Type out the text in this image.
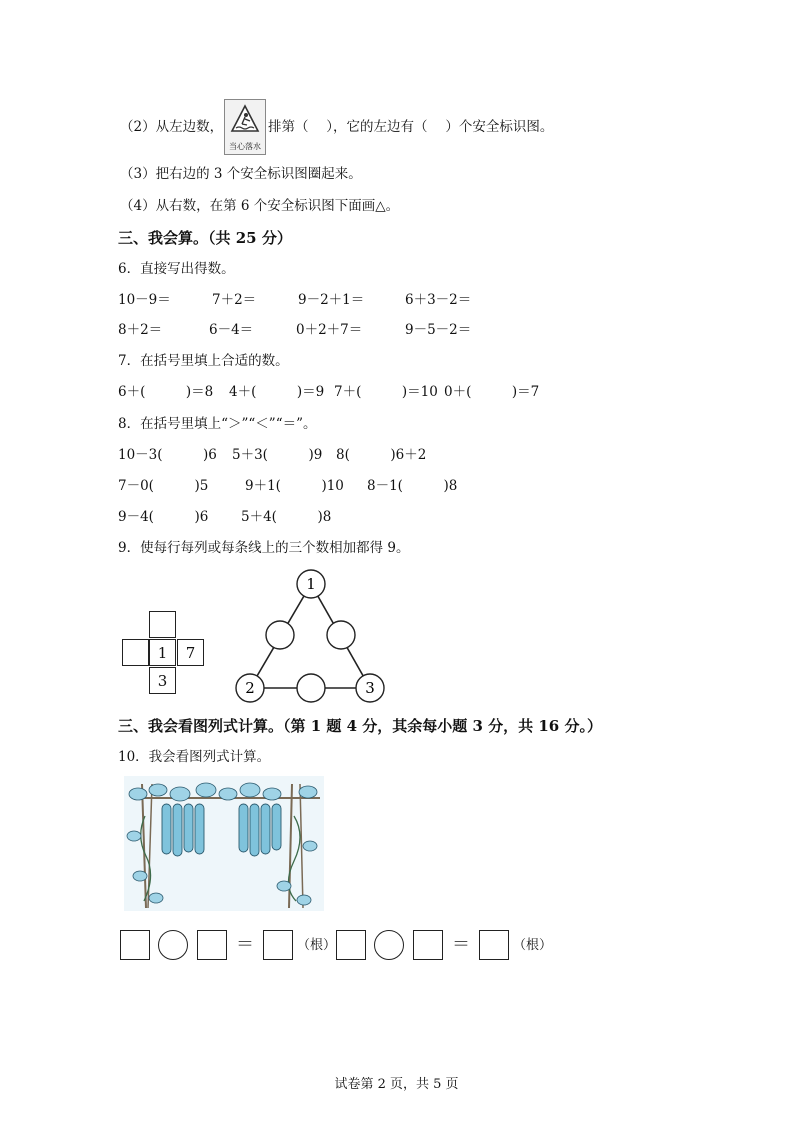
（2）从左边数，
当心落水
排第（　 ），它的左边有（　 ）个安全标识图。
（3）把右边的 3 个安全标识图圈起来。
（4）从右数，在第 6 个安全标识图下面画△。
三、我会算。（共 25 分）
6．直接写出得数。
10－9＝	7＋2＝	9－2＋1＝	6＋3－2＝
8＋2＝	6－4＝	0＋2＋7＝	9－5－2＝
7．在括号里填上合适的数。
6＋(　　　)＝8 4＋(　　　)＝9 7＋(　　　)＝10 0＋(　　　)＝7
8．在括号里填上“＞”“＜”“＝”。
10－3(　　　)6 5＋3(　　　)9 8(　　　)6＋2
7－0(　　　)5	9＋1(　　　)10 8－1(　　　)8
9－4(　　　)6 5＋4(　　　)8
9．使每行每列或每条线上的三个数相加都得 9。
1	7
3
1
2	3
三、我会看图列式计算。（第 1 题 4 分，其余每小题 3 分，共 16 分。）
10．我会看图列式计算。
＝	（根）	＝	（根）
试卷第 2 页，共 5 页
